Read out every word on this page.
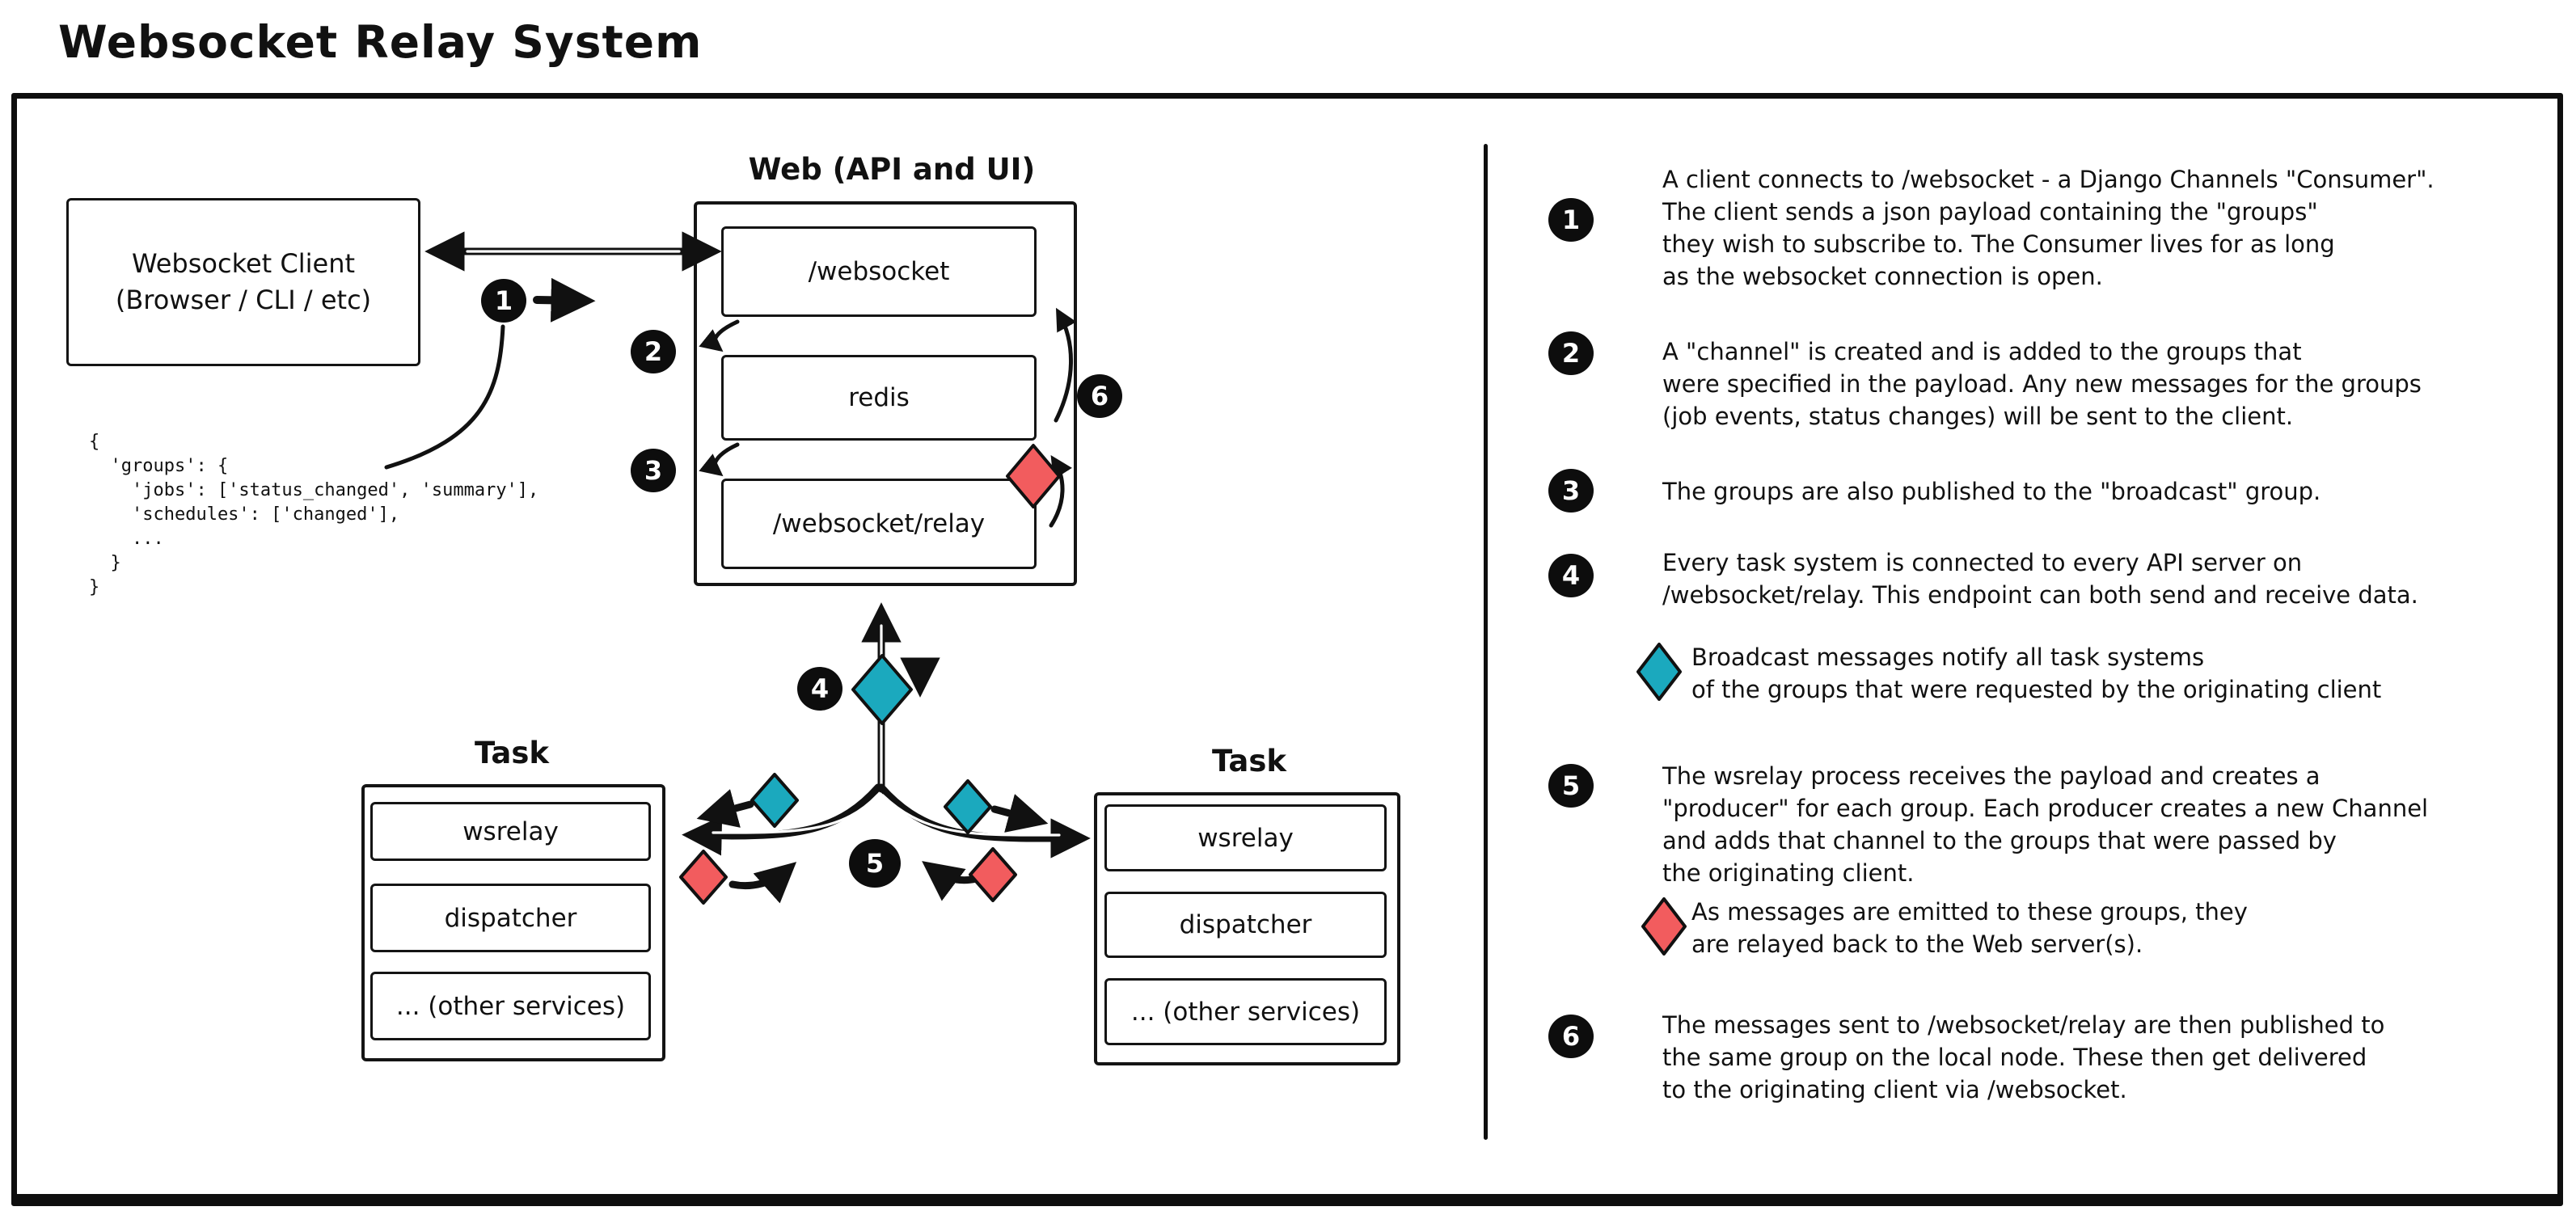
Websocket Relay System
Websocket Client
(Browser / CLI / etc)
{
'groups': {
'jobs': ['status_changed', 'summary'],
'schedules': ['changed'],
...
}
}
Web (API and UI)
/websocket
redis
/websocket/relay
Task
wsrelay
dispatcher
... (other services)
Task
wsrelay
dispatcher
... (other services)
1
2
3
4
5
6
1
2
3
4
5
6
A client connects to /websocket - a Django Channels "Consumer".
The client sends a json payload containing the "groups"
they wish to subscribe to. The Consumer lives for as long
as the websocket connection is open.
A "channel" is created and is added to the groups that
were specified in the payload. Any new messages for the groups
(job events, status changes) will be sent to the client.
The groups are also published to the "broadcast" group.
Every task system is connected to every API server on
/websocket/relay. This endpoint can both send and receive data.
Broadcast messages notify all task systems
of the groups that were requested by the originating client
The wsrelay process receives the payload and creates a
"producer" for each group. Each producer creates a new Channel
and adds that channel to the groups that were passed by
the originating client.
As messages are emitted to these groups, they
are relayed back to the Web server(s).
The messages sent to /websocket/relay are then published to
the same group on the local node. These then get delivered
to the originating client via /websocket.
